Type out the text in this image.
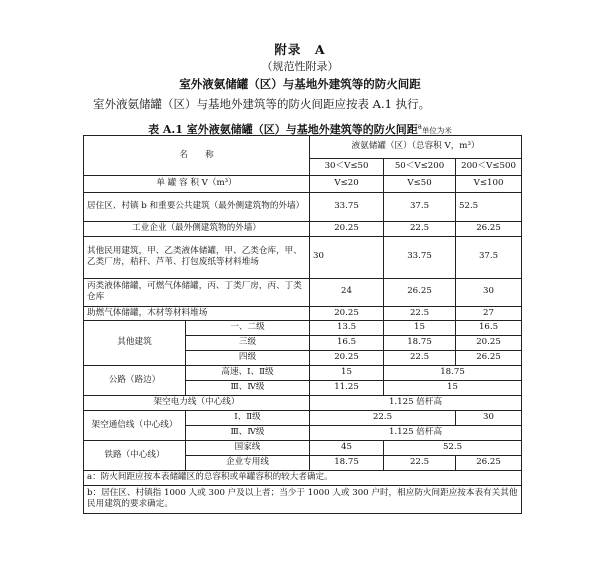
附录　A
（规范性附录）
室外液氨储罐（区）与基地外建筑等的防火间距
室外液氨储罐（区）与基地外建筑等的防火间距应按表 A.1 执行。
表 A.1 室外液氨储罐（区）与基地外建筑等的防火间距$^a$单位为米
名　　称		液氨储罐（区）（总容积 V，m³）		
		30＜V≤50	50＜V≤200	200＜V≤500
单 罐 容 积 V（m³）		V≤20	V≤50	V≤100
居住区、村镇 b 和重要公共建筑（最外侧建筑物的外墙）		33.75	37.5	52.5
工业企业（最外侧建筑物的外墙）		20.25	22.5	26.25
其他民用建筑，甲、乙类液体储罐，甲、乙类仓库，甲、乙类厂房，秸秆、芦苇、打包废纸等材料堆场		30	33.75	37.5
丙类液体储罐，可燃气体储罐，丙、丁类厂房，丙、丁类仓库		24	26.25	30
助燃气体储罐，木材等材料堆场		20.25	22.5	27
其他建筑	一、二级	13.5	15	16.5
	三级	16.5	18.75	20.25
	四级	20.25	22.5	26.25
公路（路边）	高速、Ⅰ、Ⅱ级	15	18.75	
	Ⅲ、Ⅳ级	11.25	15	
架空电力线（中心线）		1.125 倍杆高		
架空通信线（中心线）	Ⅰ、Ⅱ级	22.5		30
	Ⅲ、Ⅳ级	1.125 倍杆高		
铁路（中心线）	国家线	45	52.5	
	企业专用线	18.75	22.5	26.25
a：防火间距应按本表储罐区的总容积或单罐容积的较大者确定。				
b：居住区、村镇指 1000 人或 300 户及以上者；当少于 1000 人或 300 户时，相应防火间距应按本表有关其他民用建筑的要求确定。				
